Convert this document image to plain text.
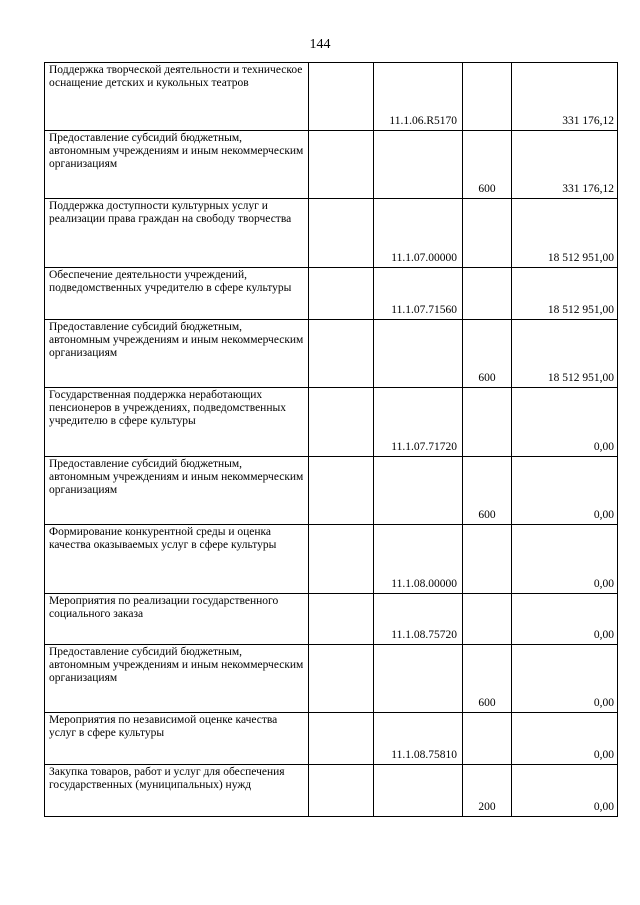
144
Поддержка творческой деятельности и техническое оснащение детских и кукольных театров		11.1.06.R5170		331 176,12
Предоставление субсидий бюджетным, автономным учреждениям и иным некоммерческим организациям			600	331 176,12
Поддержка доступности культурных услуг и реализации права граждан на свободу творчества		11.1.07.00000		18 512 951,00
Обеспечение деятельности учреждений, подведомственных учредителю в сфере культуры		11.1.07.71560		18 512 951,00
Предоставление субсидий бюджетным, автономным учреждениям и иным некоммерческим организациям			600	18 512 951,00
Государственная поддержка неработающих пенсионеров в учреждениях, подведомственных учредителю в сфере культуры		11.1.07.71720		0,00
Предоставление субсидий бюджетным, автономным учреждениям и иным некоммерческим организациям			600	0,00
Формирование конкурентной среды и оценка качества оказываемых услуг в сфере культуры		11.1.08.00000		0,00
Мероприятия по реализации государственного социального заказа		11.1.08.75720		0,00
Предоставление субсидий бюджетным, автономным учреждениям и иным некоммерческим организациям			600	0,00
Мероприятия по независимой оценке качества услуг в сфере культуры		11.1.08.75810		0,00
Закупка товаров, работ и услуг для обеспечения государственных (муниципальных) нужд			200	0,00
